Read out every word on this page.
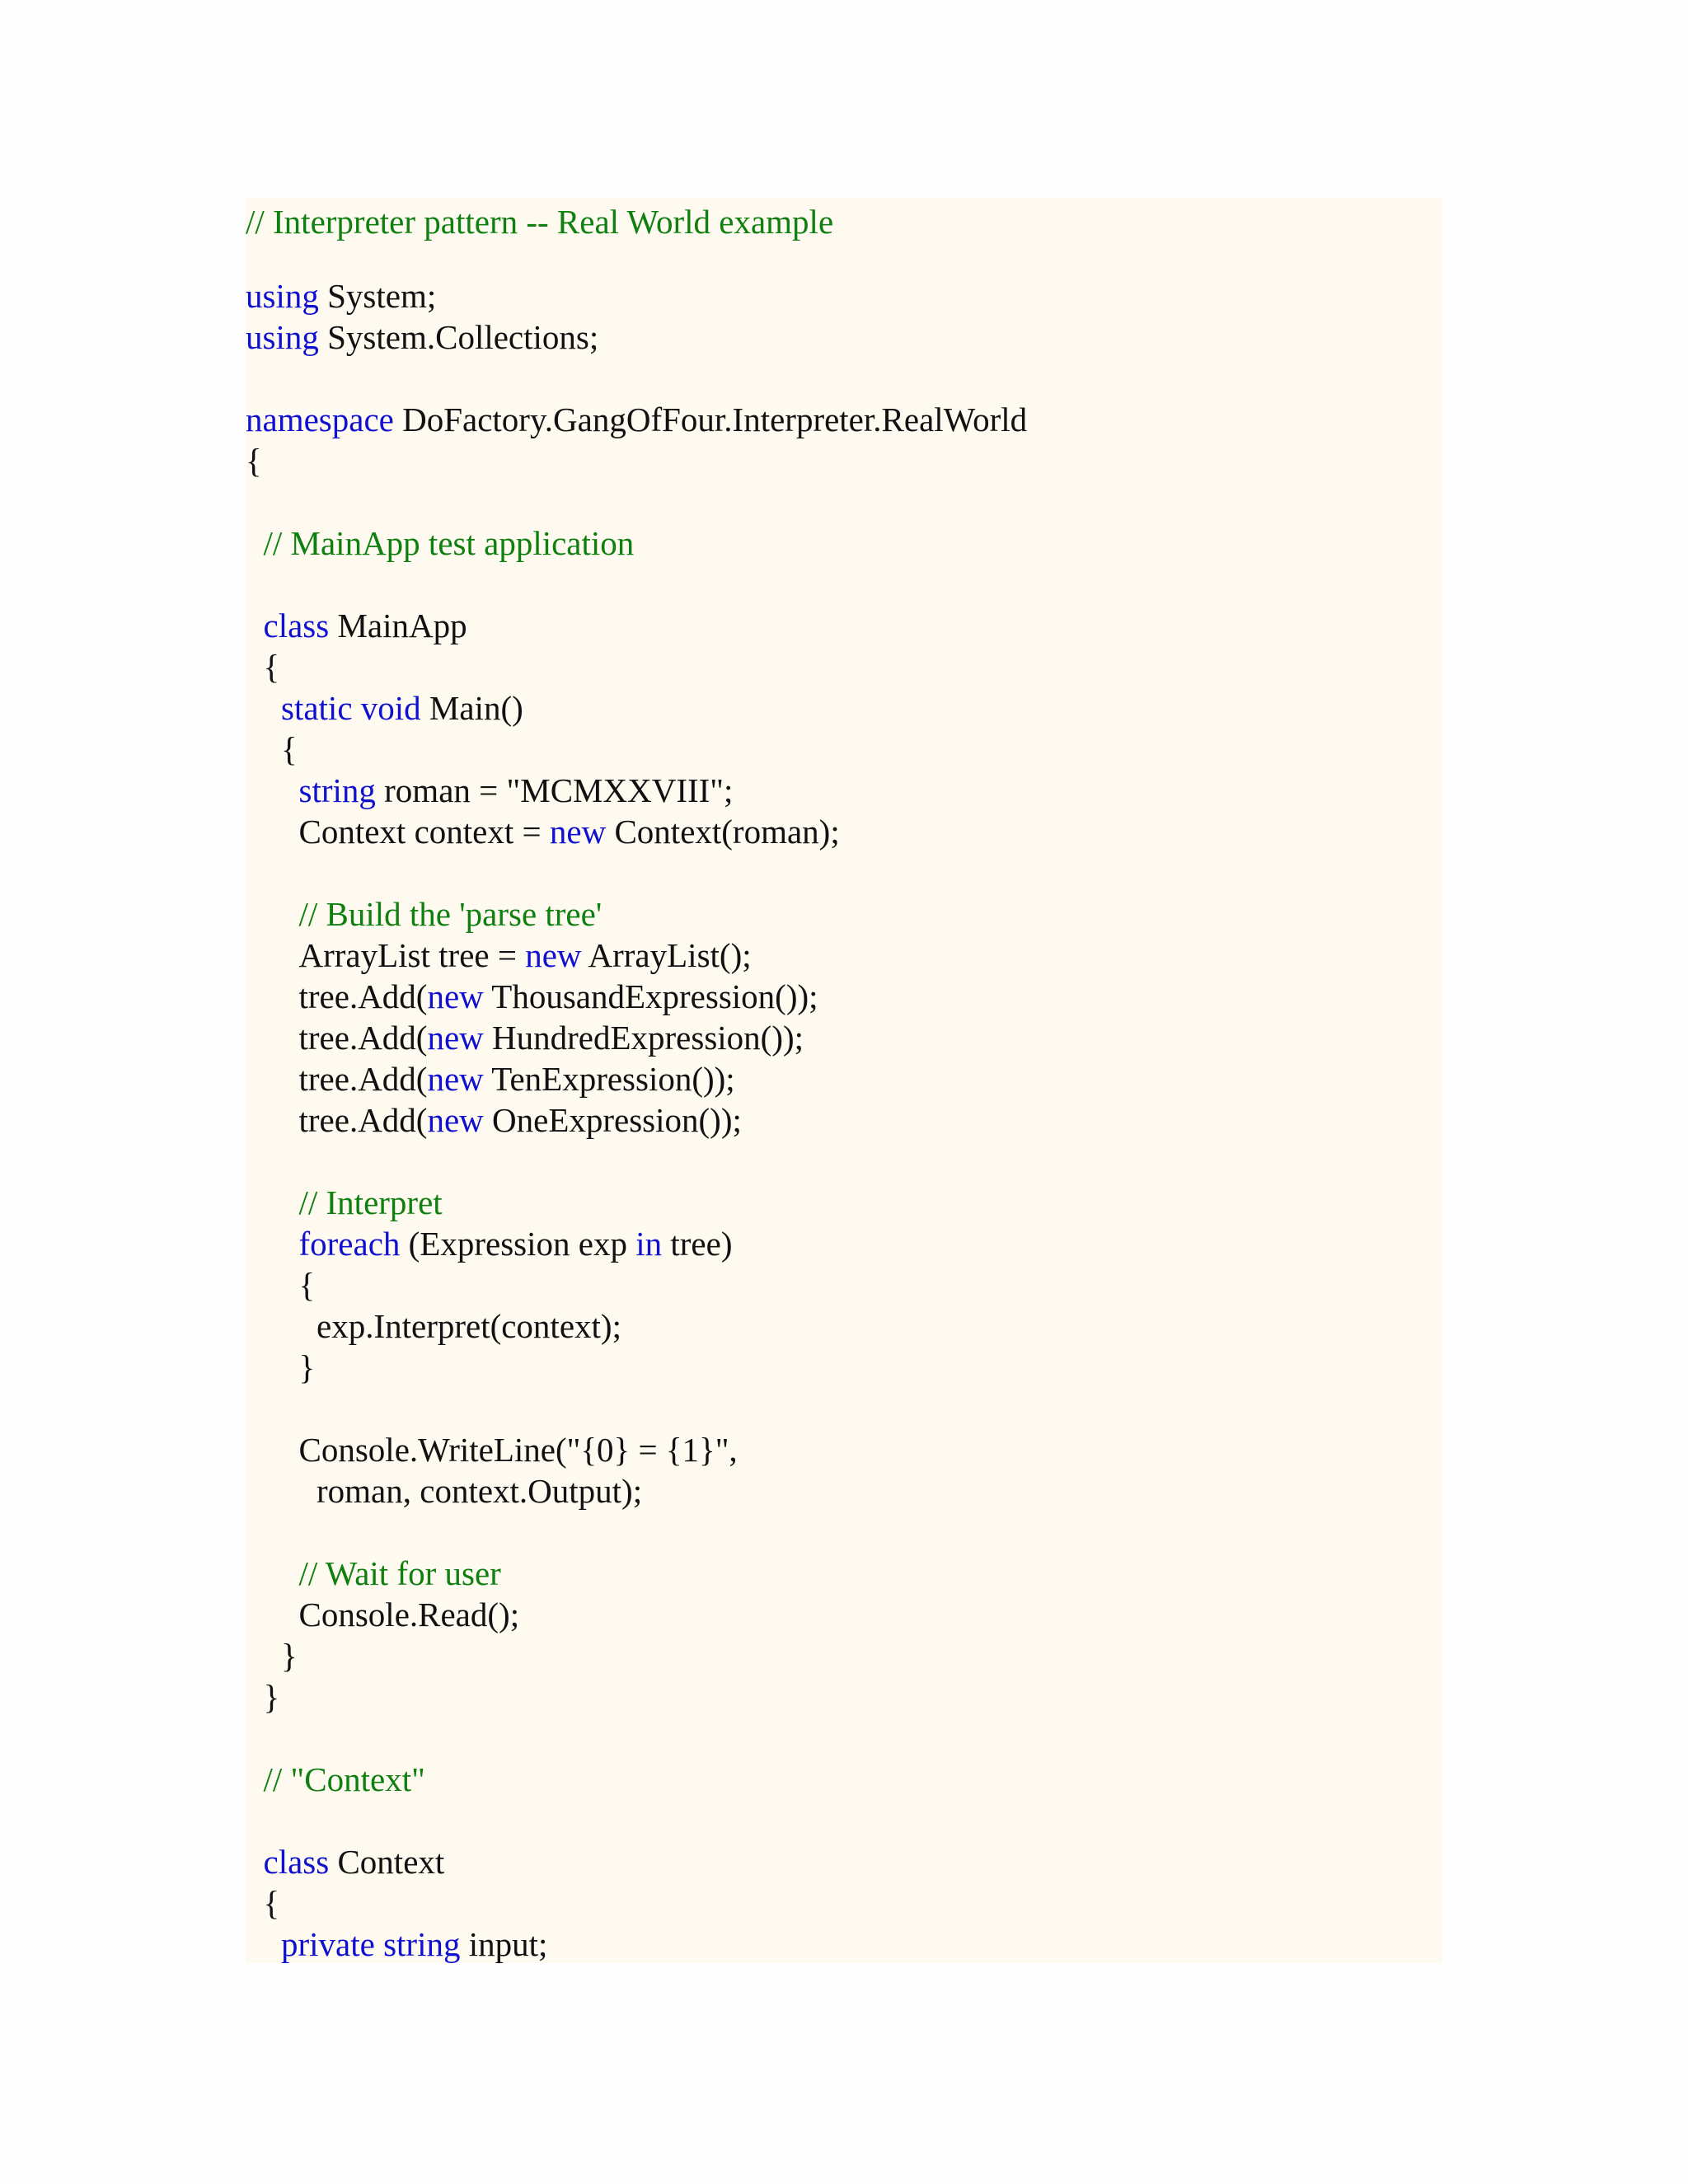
// Interpreter pattern -- Real World example
using System;
using System.Collections;
namespace DoFactory.GangOfFour.Interpreter.RealWorld
{
// MainApp test application
class MainApp
{
static void Main()
{
string roman = "MCMXXVIII";
Context context = new Context(roman);
// Build the 'parse tree'
ArrayList tree = new ArrayList();
tree.Add(new ThousandExpression());
tree.Add(new HundredExpression());
tree.Add(new TenExpression());
tree.Add(new OneExpression());
// Interpret
foreach (Expression exp in tree)
{
exp.Interpret(context);
}
Console.WriteLine("{0} = {1}",
roman, context.Output);
// Wait for user
Console.Read();
}
}
// "Context"
class Context
{
private string input;
